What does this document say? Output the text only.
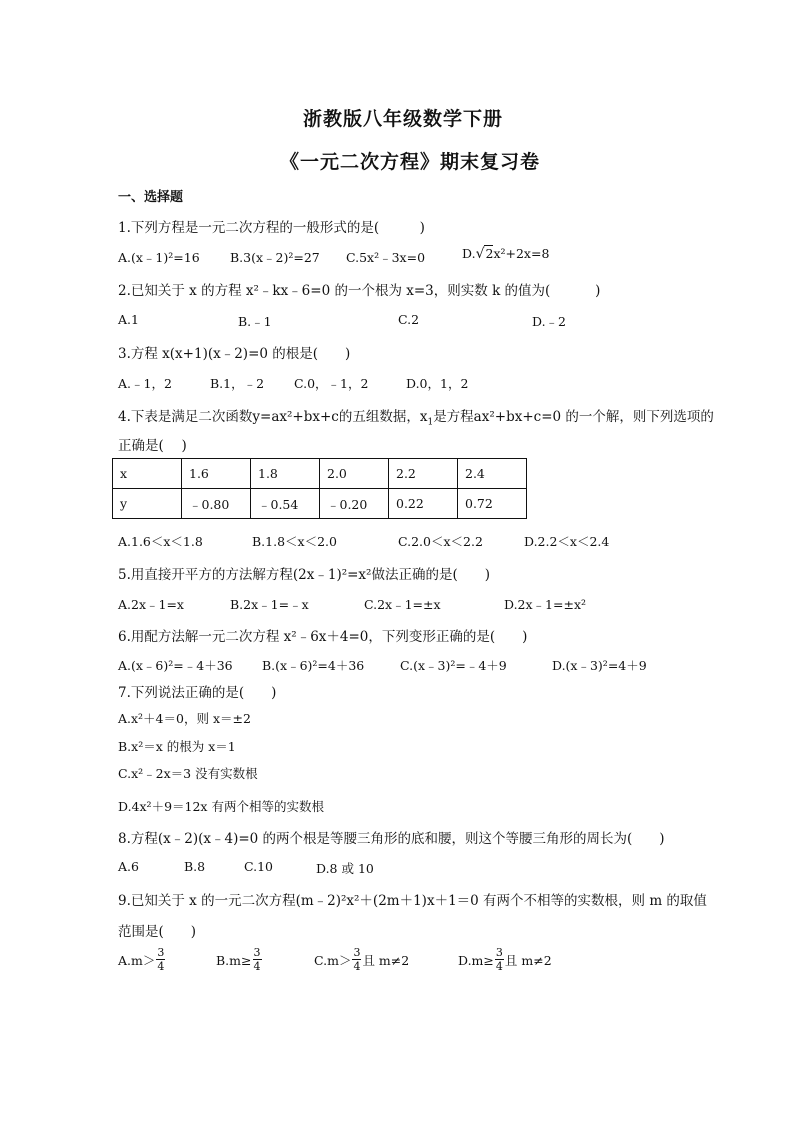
浙教版八年级数学下册
《一元二次方程》期末复习卷
一、选择题
1.下列方程是一元二次方程的一般形式的是(　　　)
A.(x﹣1)²=16 B.3(x﹣2)²=27 C.5x²﹣3x=0	D.√2x²+2x=8
2.已知关于 x 的方程 x²﹣kx﹣6=0 的一个根为 x=3，则实数 k 的值为(　　　 )
A.1	B.﹣1	C.2	D.﹣2
3.方程 x(x+1)(x﹣2)=0 的根是(　　)
A.﹣1，2	B.1，﹣2 C.0，﹣1，2	D.0，1，2
4.下表是满足二次函数y=ax²+bx+c的五组数据，$x_1$是方程ax²+bx+c=0 的一个解，则下列选项的
正确是(　 )
x	1.6	1.8	2.0	2.2	2.4
y	﹣0.80	﹣0.54	﹣0.20	0.22	0.72
A.1.6＜x＜1.8	B.1.8＜x＜2.0	C.2.0＜x＜2.2	D.2.2＜x＜2.4
5.用直接开平方的方法解方程(2x﹣1)²=x²做法正确的是(　　)
A.2x﹣1=x	B.2x﹣1=﹣x	C.2x﹣1=±x	D.2x﹣1=±x²
6.用配方法解一元二次方程 x²﹣6x＋4=0，下列变形正确的是(　　)
A.(x﹣6)²=﹣4＋36 B.(x﹣6)²=4＋36	C.(x﹣3)²=﹣4＋9	D.(x﹣3)²=4＋9
7.下列说法正确的是(　　)
A.x²＋4＝0，则 x＝±2
B.x²＝x 的根为 x＝1
C.x²﹣2x＝3 没有实数根
D.4x²＋9＝12x 有两个相等的实数根
8.方程(x﹣2)(x﹣4)=0 的两个根是等腰三角形的底和腰，则这个等腰三角形的周长为(　　)
A.6	B.8	C.10	D.8 或 10
9.已知关于 x 的一元二次方程(m﹣2)²x²＋(2m＋1)x＋1＝0 有两个不相等的实数根，则 m 的取值
范围是(　　)
$A.m> \frac{3}{4}$	$B.m\ge \frac{3}{4}$	$C.m> \frac{3}{4}$ 且 m≠2	$D.m\ge \frac{3}{4}$ 且 m≠2
